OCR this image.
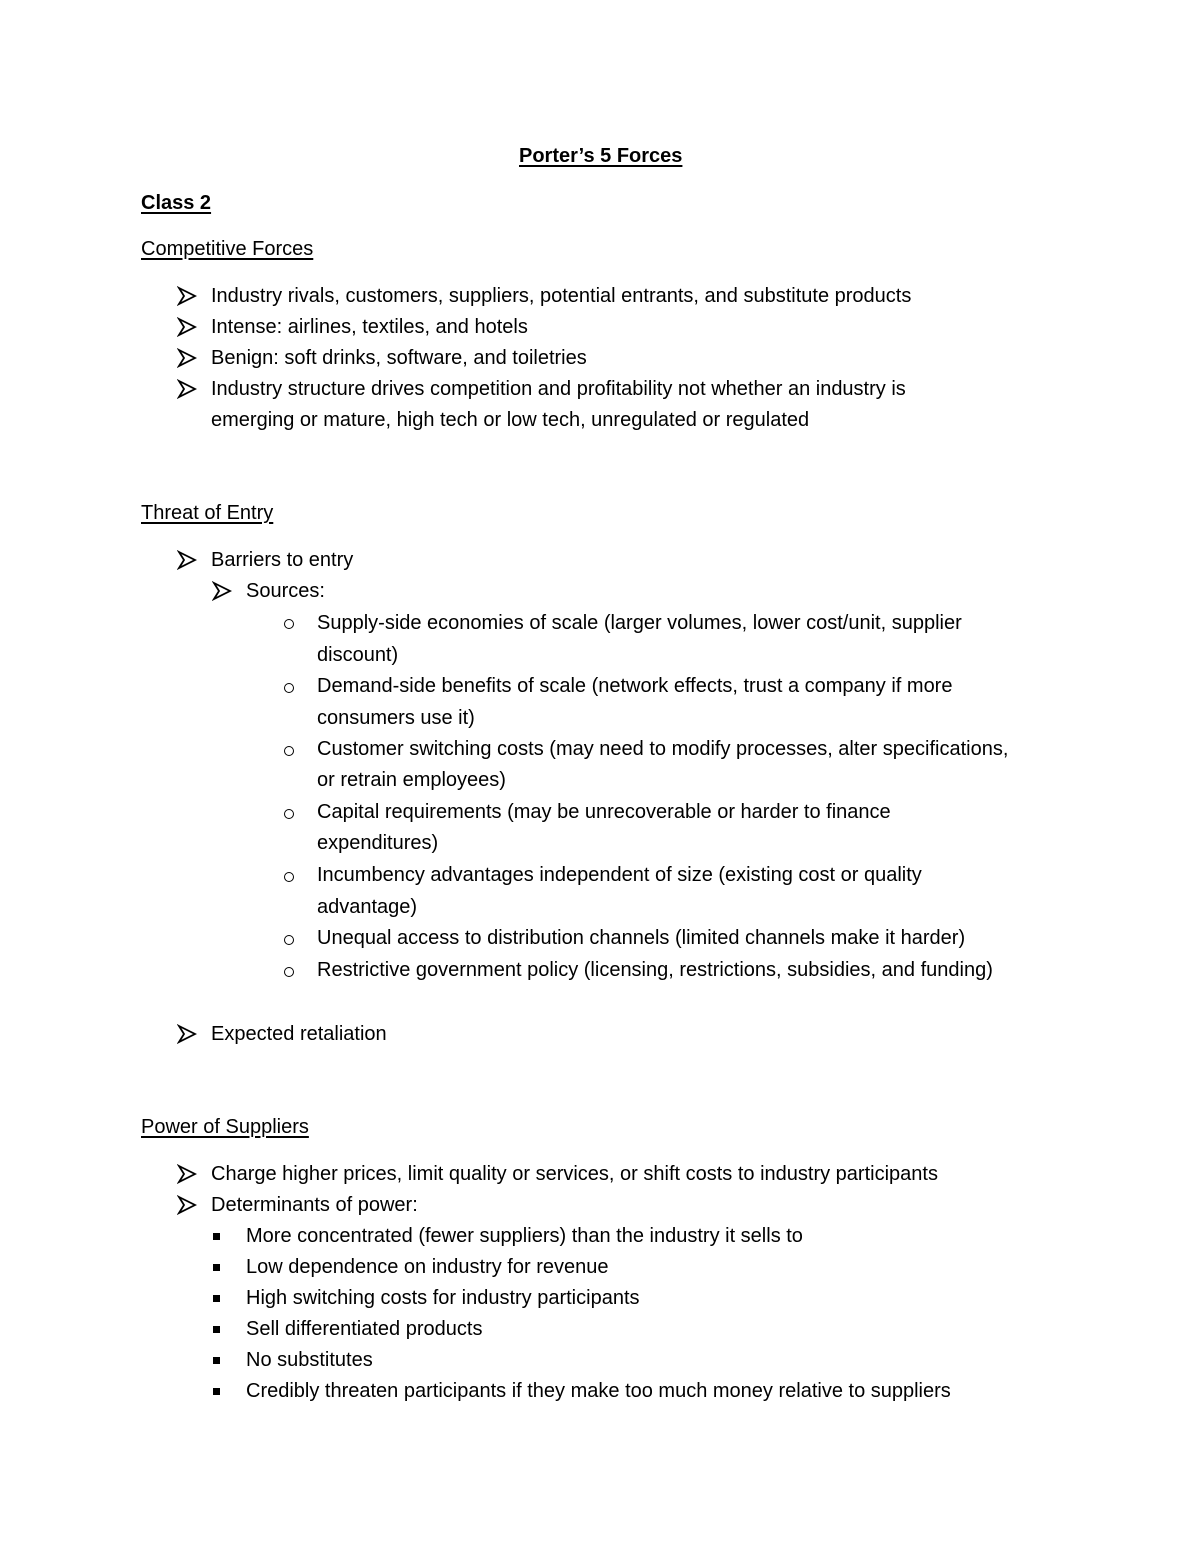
Porter’s 5 Forces
Class 2
Competitive Forces
Industry rivals, customers, suppliers, potential entrants, and substitute products
Intense: airlines, textiles, and hotels
Benign: soft drinks, software, and toiletries
Industry structure drives competition and profitability not whether an industry is
emerging or mature, high tech or low tech, unregulated or regulated
Threat of Entry
Barriers to entry
Sources:
Supply-side economies of scale (larger volumes, lower cost/unit, supplier
discount)
Demand-side benefits of scale (network effects, trust a company if more
consumers use it)
Customer switching costs (may need to modify processes, alter specifications,
or retrain employees)
Capital requirements (may be unrecoverable or harder to finance
expenditures)
Incumbency advantages independent of size (existing cost or quality
advantage)
Unequal access to distribution channels (limited channels make it harder)
Restrictive government policy (licensing, restrictions, subsidies, and funding)
Expected retaliation
Power of Suppliers
Charge higher prices, limit quality or services, or shift costs to industry participants
Determinants of power:
More concentrated (fewer suppliers) than the industry it sells to
Low dependence on industry for revenue
High switching costs for industry participants
Sell differentiated products
No substitutes
Credibly threaten participants if they make too much money relative to suppliers
